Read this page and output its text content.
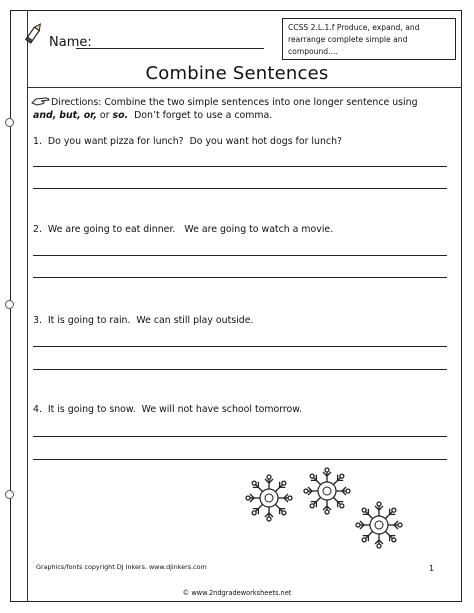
Name:
CCSS 2.L.1.f Produce, expand, and
rearrange complete simple and compound....
Combine Sentences
Directions: Combine the two simple sentences into one longer sentence using
and, but, or, or so. Don’t forget to use a comma.
1.  Do you want pizza for lunch?  Do you want hot dogs for lunch?
2.  We are going to eat dinner.   We are going to watch a movie.
3.  It is going to rain.  We can still play outside.
4.  It is going to snow.  We will not have school tomorrow.
Graphics/fonts copyright DJ Inkers. www.djinkers.com	1
© www.2ndgradeworksheets.net
